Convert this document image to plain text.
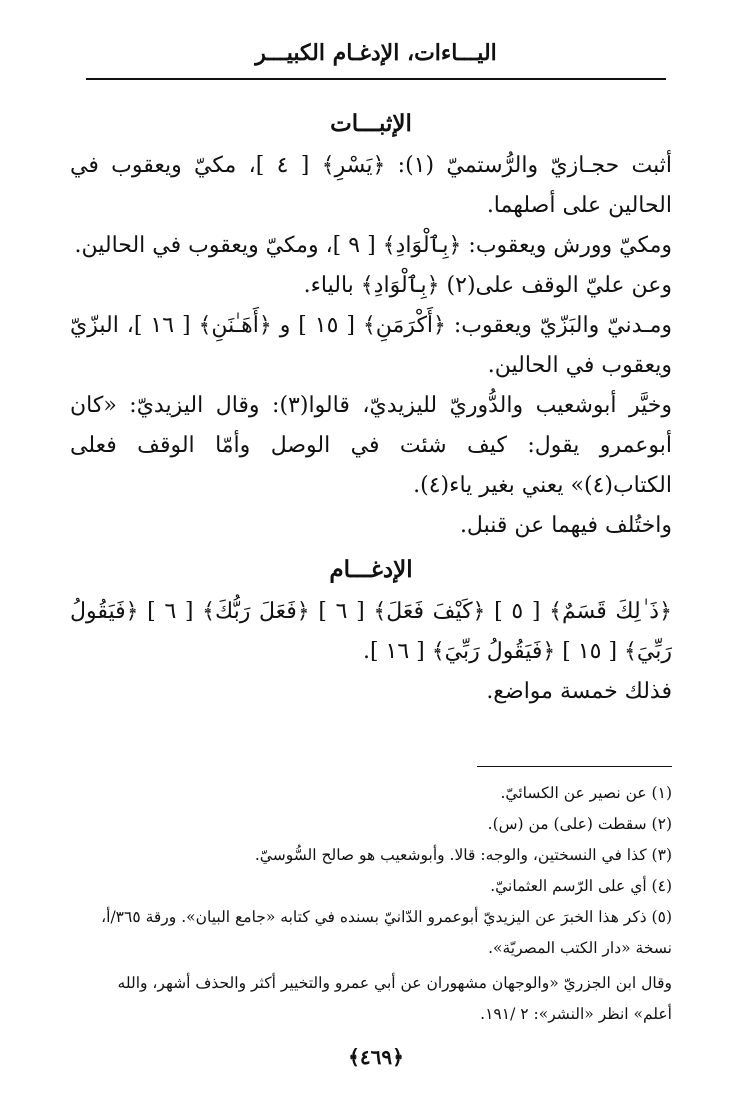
اليـــاءات، الإدغـام الكبيـــر
الإثبـــات

أثبت حجـازيّ والرُّستميّ (١): ﴿يَسْرِ﴾ [ ٤ ]، مكيّ ويعقوب في الحالين على أصلهما.

ومكيّ وورش ويعقوب: ﴿بِٱلْوَادِ﴾ [ ٩ ]، ومكيّ ويعقوب في الحالين.

وعن عليّ الوقف على(٢) ﴿بِٱلْوَادِ﴾ بالياء.

ومـدنيّ والبَزّيّ ويعقوب: ﴿أَكْرَمَنِ﴾ [ ١٥ ] و ﴿أَهَـٰنَنِ﴾ [ ١٦ ]، البزّيّ ويعقوب في الحالين.

وخيَّر أبوشعيب والدُّوريّ لليزيديّ، قالوا(٣): وقال اليزيديّ: «كان أبوعمرو يقول: كيف شئت في الوصل وأمّا الوقف فعلى الكتاب(٤)» يعني بغير ياء(٤).

واختُلف فيهما عن قنبل.

الإدغـــام

﴿ذَ ٰلِكَ قَسَمٌ﴾ [ ٥ ] ﴿كَيْفَ فَعَلَ﴾ [ ٦ ] ﴿فَعَلَ رَبُّكَ﴾ [ ٦ ] ﴿فَيَقُولُ رَبِّيَ﴾ [ ١٥ ] ﴿فَيَقُولُ رَبِّيَ﴾ [ ١٦ ].

فذلك خمسة مواضع.

(١) عن نصير عن الكسائيّ.

(٢) سقطت (على) من (س).

(٣) كذا في النسختين، والوجه: قالا. وأبوشعيب هو صالح السُّوسيّ.

(٤) أي على الرّسم العثمانيّ.

(٥) ذكر هذا الخبرَ عن اليزيديّ أبوعمرو الدّانيّ بسنده في كتابه «جامع البيان». ورقة ٣٦٥/أ، نسخة «دار الكتب المصريّة».

وقال ابن الجزريّ «والوجهان مشهوران عن أبي عمرو والتخيير أكثر والحذف أشهر، والله أعلم» انظر «النشر»: ٢ /١٩١.

﴿٤٦٩﴾
